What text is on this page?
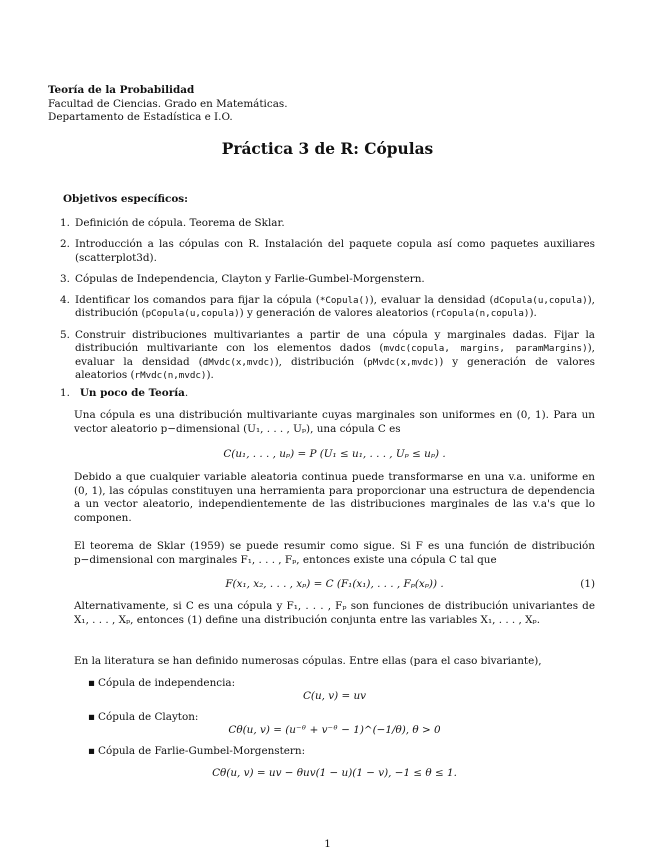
Teoría de la Probabilidad
Facultad de Ciencias. Grado en Matemáticas.
Departamento de Estadística e I.O.
Práctica 3 de R: Cópulas
Objetivos específicos:
1. Definición de cópula. Teorema de Sklar.
2. Introducción a las cópulas con R. Instalación del paquete copula así como paquetes auxiliares (scatterplot3d).
3. Cópulas de Independencia, Clayton y Farlie-Gumbel-Morgenstern.
4. Identificar los comandos para fijar la cópula (*Copula()), evaluar la densidad (dCopula(u,copula)), distribución (pCopula(u,copula)) y generación de valores aleatorios (rCopula(n,copula)).
5. Construir distribuciones multivariantes a partir de una cópula y marginales dadas. Fijar la distribución multivariante con los elementos dados (mvdc(copula, margins, paramMargins)), evaluar la densidad (dMvdc(x,mvdc)), distribución (pMvdc(x,mvdc)) y generación de valores aleatorios (rMvdc(n,mvdc)).
1. Un poco de Teoría.
Una cópula es una distribución multivariante cuyas marginales son uniformes en (0, 1). Para un vector aleatorio p−dimensional (U₁, . . . , Uₚ), una cópula C es
C(u₁, . . . , uₚ) = P (U₁ ≤ u₁, . . . , Uₚ ≤ uₚ) .
Debido a que cualquier variable aleatoria continua puede transformarse en una v.a. uniforme en (0, 1), las cópulas constituyen una herramienta para proporcionar una estructura de dependencia a un vector aleatorio, independientemente de las distribuciones marginales de las v.a's que lo componen.
El teorema de Sklar (1959) se puede resumir como sigue. Si F es una función de distribución p−dimensional con marginales F₁, . . . , Fₚ, entonces existe una cópula C tal que
F(x₁, x₂, . . . , xₚ) = C (F₁(x₁), . . . , Fₚ(xₚ)) .	(1)
Alternativamente, si C es una cópula y F₁, . . . , Fₚ son funciones de distribución univariantes de X₁, . . . , Xₚ, entonces (1) define una distribución conjunta entre las variables X₁, . . . , Xₚ.
En la literatura se han definido numerosas cópulas. Entre ellas (para el caso bivariante),
▪ Cópula de independencia:
C(u, v) = uv
▪ Cópula de Clayton:
Cθ(u, v) = (u⁻ᶿ + v⁻ᶿ − 1)^(−1/θ), θ > 0
▪ Cópula de Farlie-Gumbel-Morgenstern:
Cθ(u, v) = uv − θuv(1 − u)(1 − v), −1 ≤ θ ≤ 1.
1
